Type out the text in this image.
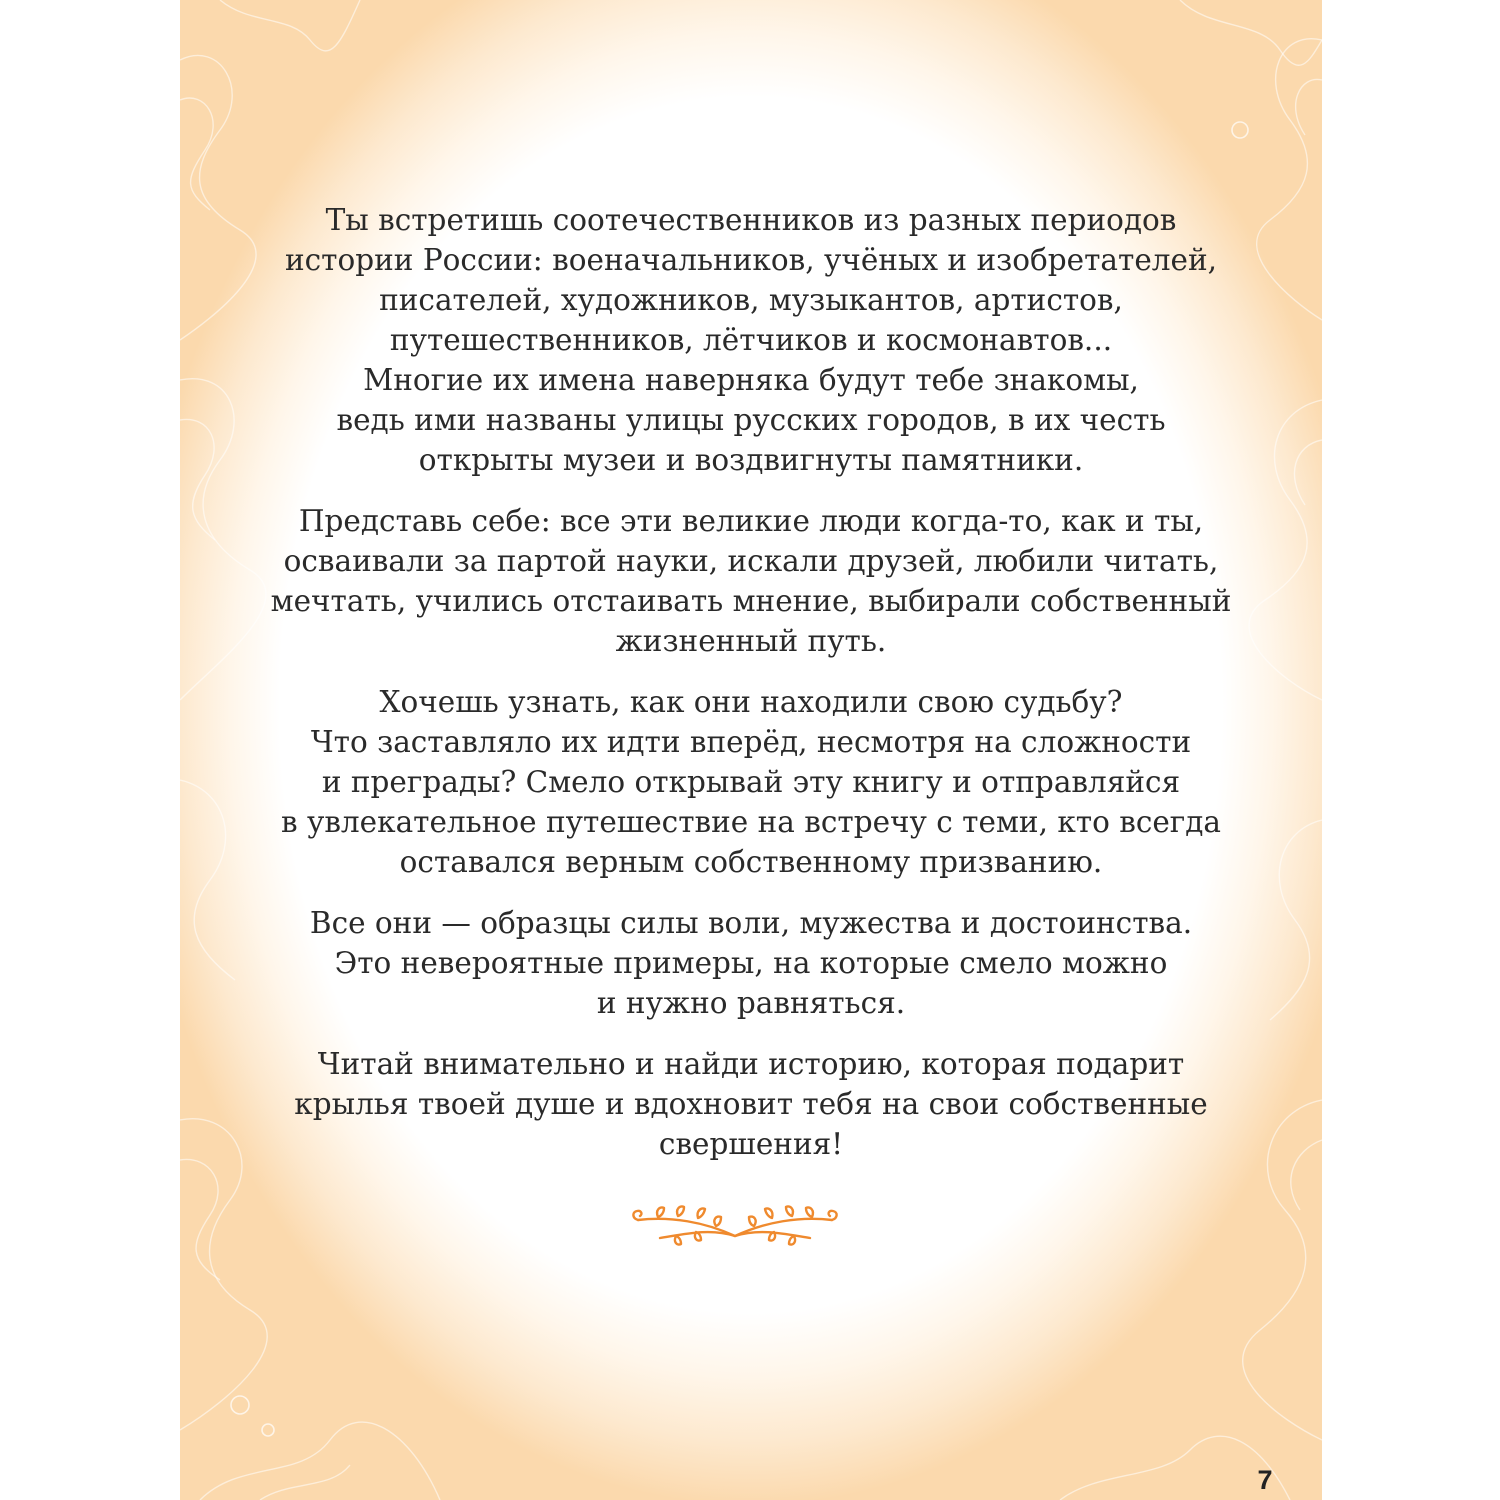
Ты встретишь соотечественников из разных периодов
истории России: военачальников, учёных и изобретателей,
писателей, художников, музыкантов, артистов,
путешественников, лётчиков и космонавтов...
Многие их имена наверняка будут тебе знакомы,
ведь ими названы улицы русских городов, в их честь
открыты музеи и воздвигнуты памятники.

Представь себе: все эти великие люди когда-то, как и ты,
осваивали за партой науки, искали друзей, любили читать,
мечтать, учились отстаивать мнение, выбирали собственный
жизненный путь.

Хочешь узнать, как они находили свою судьбу?
Что заставляло их идти вперёд, несмотря на сложности
и преграды? Смело открывай эту книгу и отправляйся
в увлекательное путешествие на встречу с теми, кто всегда
оставался верным собственному призванию.

Все они — образцы силы воли, мужества и достоинства.
Это невероятные примеры, на которые смело можно
и нужно равняться.

Читай внимательно и найди историю, которая подарит
крылья твоей душе и вдохновит тебя на свои собственные
свершения!

7
